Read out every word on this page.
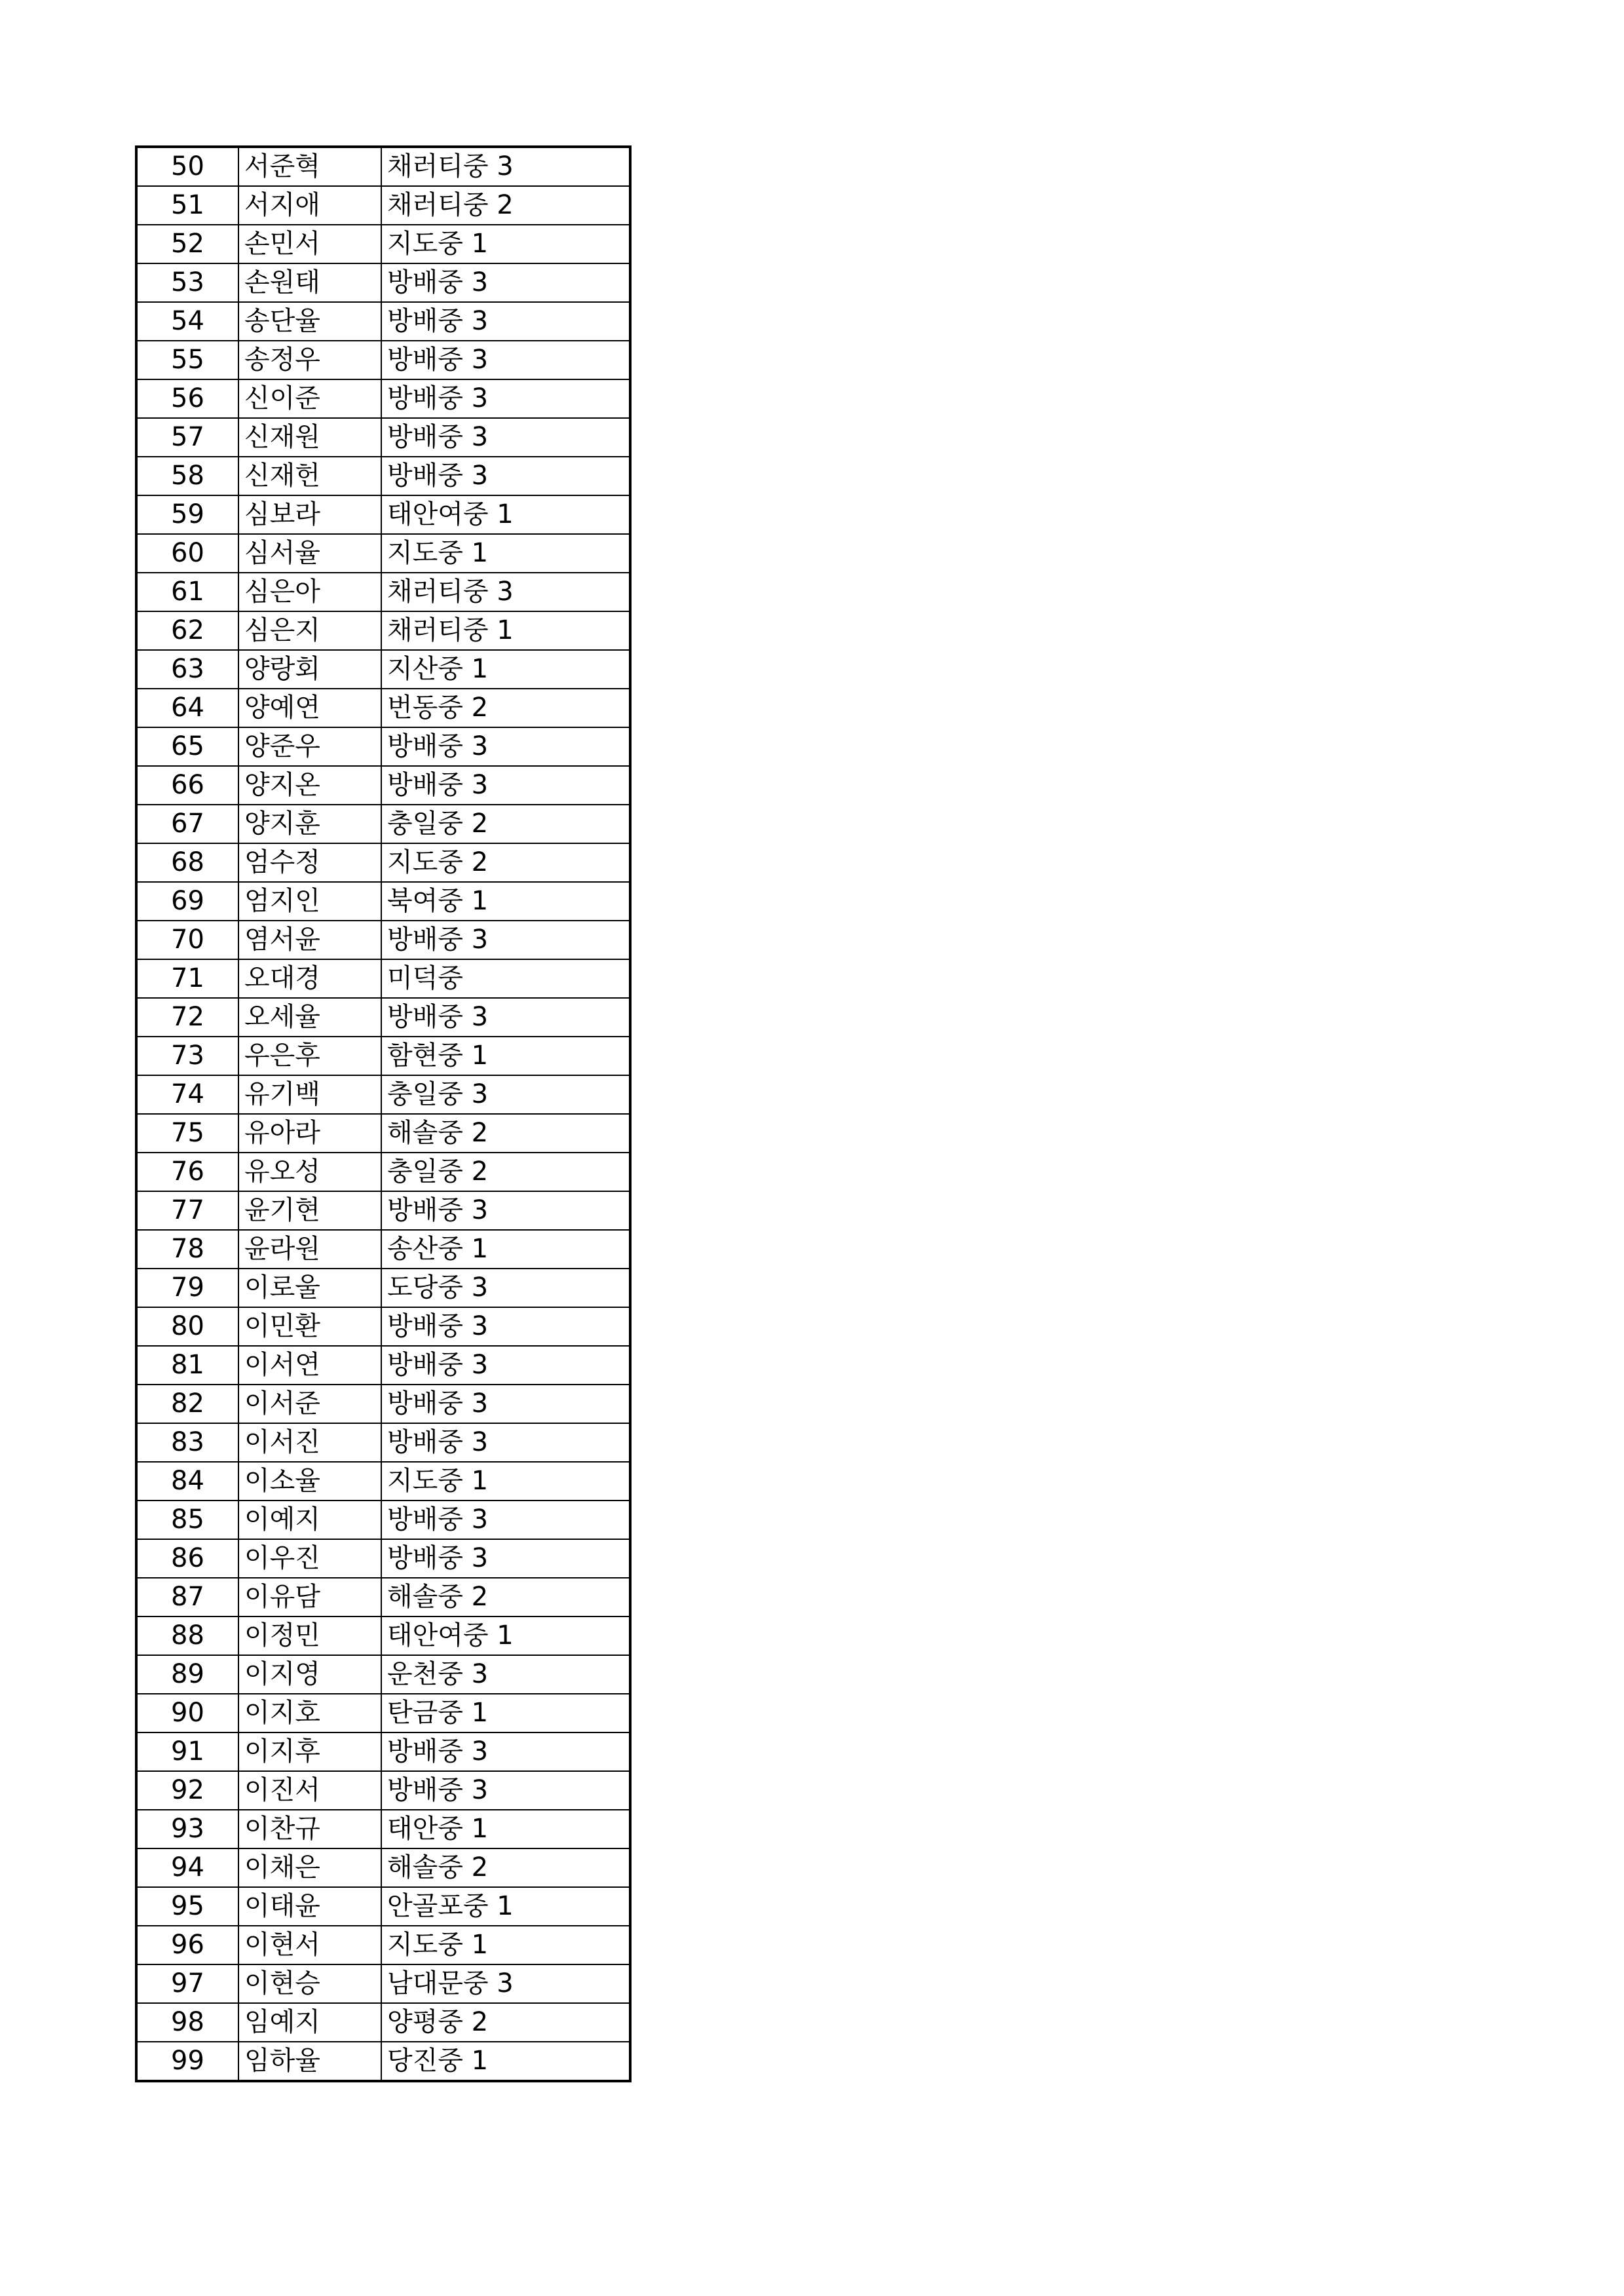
50	서준혁	채러티중 3
51	서지애	채러티중 2
52	손민서	지도중 1
53	손원태	방배중 3
54	송단율	방배중 3
55	송정우	방배중 3
56	신이준	방배중 3
57	신재원	방배중 3
58	신재헌	방배중 3
59	심보라	태안여중 1
60	심서율	지도중 1
61	심은아	채러티중 3
62	심은지	채러티중 1
63	양랑회	지산중 1
64	양예연	번동중 2
65	양준우	방배중 3
66	양지온	방배중 3
67	양지훈	충일중 2
68	엄수정	지도중 2
69	엄지인	북여중 1
70	염서윤	방배중 3
71	오대경	미덕중
72	오세율	방배중 3
73	우은후	함현중 1
74	유기백	충일중 3
75	유아라	해솔중 2
76	유오성	충일중 2
77	윤기현	방배중 3
78	윤라원	송산중 1
79	이로울	도당중 3
80	이민환	방배중 3
81	이서연	방배중 3
82	이서준	방배중 3
83	이서진	방배중 3
84	이소율	지도중 1
85	이예지	방배중 3
86	이우진	방배중 3
87	이유담	해솔중 2
88	이정민	태안여중 1
89	이지영	운천중 3
90	이지호	탄금중 1
91	이지후	방배중 3
92	이진서	방배중 3
93	이찬규	태안중 1
94	이채은	해솔중 2
95	이태윤	안골포중 1
96	이현서	지도중 1
97	이현승	남대문중 3
98	임예지	양평중 2
99	임하율	당진중 1
